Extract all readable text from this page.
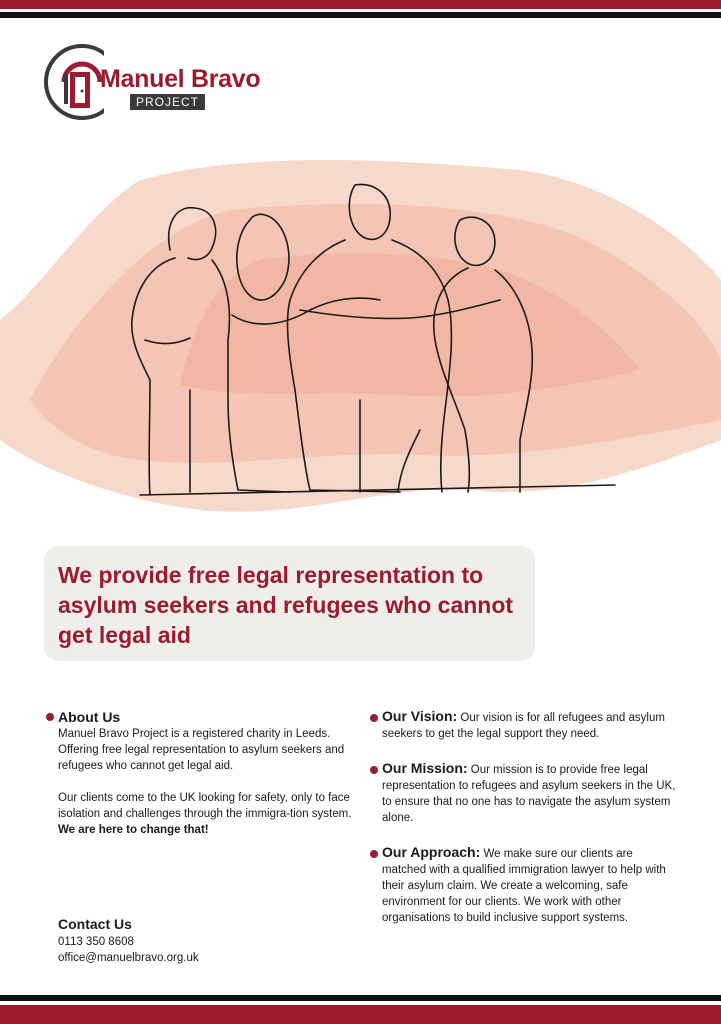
Manuel Bravo
PROJECT

We provide free legal representation to asylum seekers and refugees who cannot get legal aid

About Us

Manuel Bravo Project is a registered charity in Leeds. Offering free legal representation to asylum seekers and refugees who cannot get legal aid.

Our clients come to the UK looking for safety, only to face isolation and challenges through the immigra-tion system.

We are here to change that!

Contact Us

0113 350 8608

office@manuelbravo.org.uk

Our Vision: Our vision is for all refugees and asylum seekers to get the legal support they need.
Our Mission: Our mission is to provide free legal representation to refugees and asylum seekers in the UK, to ensure that no one has to navigate the asylum system alone.
Our Approach: We make sure our clients are matched with a qualified immigration lawyer to help with their asylum claim. We create a welcoming, safe environment for our clients. We work with other organisations to build inclusive support systems.
